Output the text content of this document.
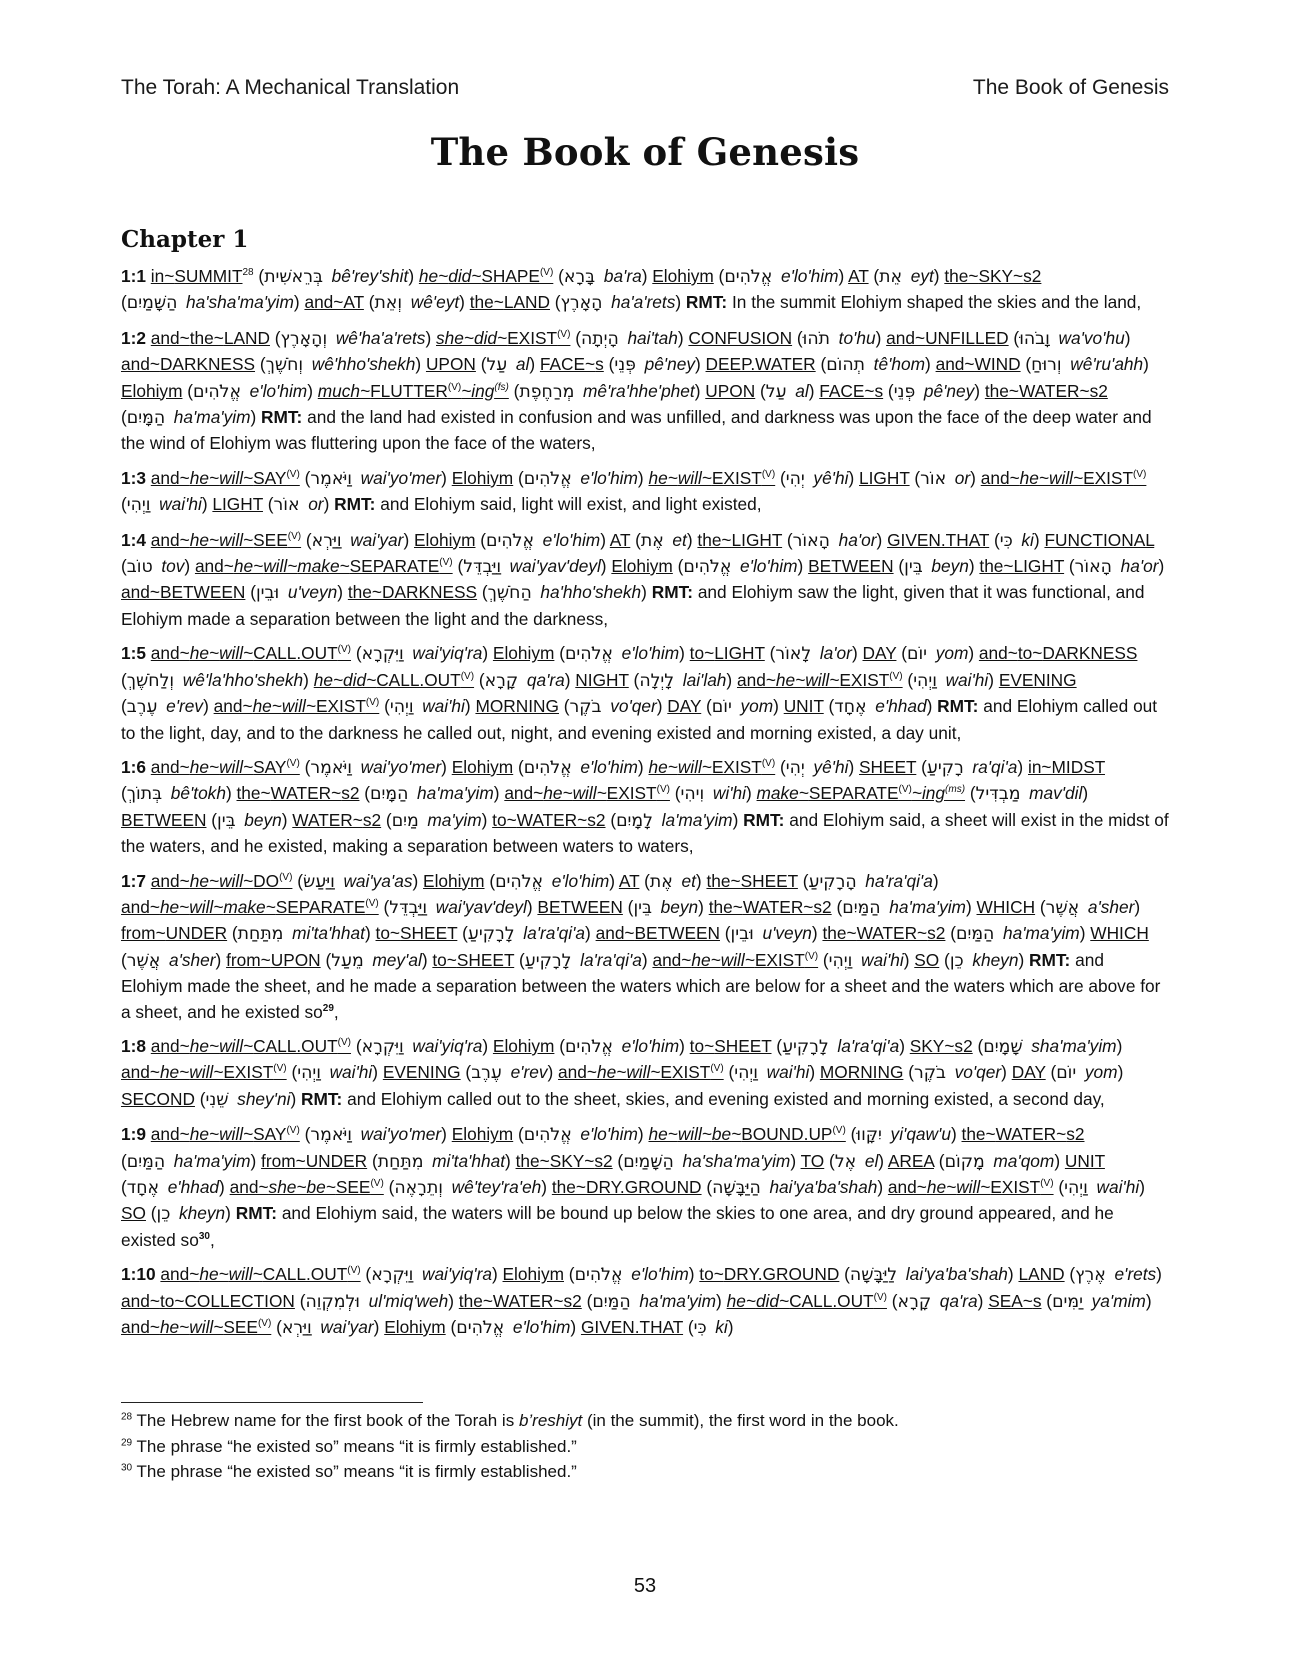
The Torah: A Mechanical Translation	The Book of Genesis
The Book of Genesis
Chapter 1

1:1 in~SUMMIT$^{28}$ (בְּרֵאשִׁית  bê'rey'shit) $he\sim did\sim SHAPE^{(V)}$ (בָּרָא  ba'ra) Elohiym (אֱלֹהִים  e'lo'him) AT (אֵת  eyt) the~SKY~s2 (הַשָּׁמַיִם  ha'sha'ma'yim) and~AT (וְאֵת  wê'eyt) the~LAND (הָאָרֶץ  ha'a'rets) RMT: In the summit Elohiym shaped the skies and the land,

1:2 and~the~LAND (וְהָאָרֶץ  wê'ha'a'rets) $she\sim did\sim EXIST^{(V)}$ (הָיְתָה  hai'tah) CONFUSION (תֹהוּ  to'hu) and~UNFILLED (וָבֹהוּ  wa'vo'hu) and~DARKNESS (וְחֹשֶׁךְ  wê'hho'shekh) UPON (עַל  al) FACE~s (פְּנֵי  pê'ney) DEEP.WATER (תְהוֹם  tê'hom) and~WIND (וְרוּחַ  wê'ru'ahh) Elohiym (אֱלֹהִים  e'lo'him) $much\sim FLUTTER^{(V)}\sim ing^{(fs)}$ (מְרַחֶפֶת  mê'ra'hhe'phet) UPON (עַל  al) FACE~s (פְּנֵי  pê'ney) the~WATER~s2 (הַמָּיִם  ha'ma'yim) RMT: and the land had existed in confusion and was unfilled, and darkness was upon the face of the deep water and the wind of Elohiym was fluttering upon the face of the waters,

1:3 $and\sim he\sim will\sim SAY^{(V)}$ (וַיֹּאמֶר  wai'yo'mer) Elohiym (אֱלֹהִים  e'lo'him) $he\sim will\sim EXIST^{(V)}$ (יְהִי  yê'hi) LIGHT (אוֹר  or) $and\sim he\sim will\sim EXIST^{(V)}$ (וַיְהִי  wai'hi) LIGHT (אוֹר  or) RMT: and Elohiym said, light will exist, and light existed,

1:4 $and\sim he\sim will\sim SEE^{(V)}$ (וַיַּרְא  wai'yar) Elohiym (אֱלֹהִים  e'lo'him) AT (אֶת  et) the~LIGHT (הָאוֹר  ha'or) GIVEN.THAT (כִּי  ki) FUNCTIONAL (טוֹב  tov) $and\sim he\sim will\sim make\sim SEPARATE^{(V)}$ (וַיַּבְדֵּל  wai'yav'deyl) Elohiym (אֱלֹהִים  e'lo'him) BETWEEN (בֵּין  beyn) the~LIGHT (הָאוֹר  ha'or) and~BETWEEN (וּבֵין  u'veyn) the~DARKNESS (הַחֹשֶׁךְ  ha'hho'shekh) RMT: and Elohiym saw the light, given that it was functional, and Elohiym made a separation between the light and the darkness,

1:5 $and\sim he\sim will\sim CALL.OUT^{(V)}$ (וַיִּקְרָא  wai'yiq'ra) Elohiym (אֱלֹהִים  e'lo'him) to~LIGHT (לָאוֹר  la'or) DAY (יוֹם  yom) and~to~DARKNESS (וְלַחֹשֶׁךְ  wê'la'hho'shekh) $he\sim did\sim CALL.OUT^{(V)}$ (קָרָא  qa'ra) NIGHT (לָיְלָה  lai'lah) $and\sim he\sim will\sim EXIST^{(V)}$ (וַיְהִי  wai'hi) EVENING (עֶרֶב  e'rev) $and\sim he\sim will\sim EXIST^{(V)}$ (וַיְהִי  wai'hi) MORNING (בֹקֶר  vo'qer) DAY (יוֹם  yom) UNIT (אֶחָד  e'hhad) RMT: and Elohiym called out to the light, day, and to the darkness he called out, night, and evening existed and morning existed, a day unit,

1:6 $and\sim he\sim will\sim SAY^{(V)}$ (וַיֹּאמֶר  wai'yo'mer) Elohiym (אֱלֹהִים  e'lo'him) $he\sim will\sim EXIST^{(V)}$ (יְהִי  yê'hi) SHEET (רָקִיעַ  ra'qi'a) in~MIDST (בְּתוֹךְ  bê'tokh) the~WATER~s2 (הַמָּיִם  ha'ma'yim) $and\sim he\sim will\sim EXIST^{(V)}$ (וִיהִי  wi'hi) $make\sim SEPARATE^{(V)}\sim ing^{(ms)}$ (מַבְדִּיל  mav'dil) BETWEEN (בֵּין  beyn) WATER~s2 (מַיִם  ma'yim) to~WATER~s2 (לָמָיִם  la'ma'yim) RMT: and Elohiym said, a sheet will exist in the midst of the waters, and he existed, making a separation between waters to waters,

1:7 $and\sim he\sim will\sim DO^{(V)}$ (וַיַּעַשׂ  wai'ya'as) Elohiym (אֱלֹהִים  e'lo'him) AT (אֶת  et) the~SHEET (הָרָקִיעַ  ha'ra'qi'a) $and\sim he\sim will\sim make\sim SEPARATE^{(V)}$ (וַיַּבְדֵּל  wai'yav'deyl) BETWEEN (בֵּין  beyn) the~WATER~s2 (הַמַּיִם  ha'ma'yim) WHICH (אֲשֶׁר  a'sher) from~UNDER (מִתַּחַת  mi'ta'hhat) to~SHEET (לָרָקִיעַ  la'ra'qi'a) and~BETWEEN (וּבֵין  u'veyn) the~WATER~s2 (הַמַּיִם  ha'ma'yim) WHICH (אֲשֶׁר  a'sher) from~UPON (מֵעַל  mey'al) to~SHEET (לָרָקִיעַ  la'ra'qi'a) $and\sim he\sim will\sim EXIST^{(V)}$ (וַיְהִי  wai'hi) SO (כֵן  kheyn) RMT: and Elohiym made the sheet, and he made a separation between the waters which are below for a sheet and the waters which are above for a sheet, and he existed $so^{29}$,

1:8 $and\sim he\sim will\sim CALL.OUT^{(V)}$ (וַיִּקְרָא  wai'yiq'ra) Elohiym (אֱלֹהִים  e'lo'him) to~SHEET (לָרָקִיעַ  la'ra'qi'a) SKY~s2 (שָׁמָיִם  sha'ma'yim) $and\sim he\sim will\sim EXIST^{(V)}$ (וַיְהִי  wai'hi) EVENING (עֶרֶב  e'rev) $and\sim he\sim will\sim EXIST^{(V)}$ (וַיְהִי  wai'hi) MORNING (בֹקֶר  vo'qer) DAY (יוֹם  yom) SECOND (שֵׁנִי  shey'ni) RMT: and Elohiym called out to the sheet, skies, and evening existed and morning existed, a second day,

1:9 $and\sim he\sim will\sim SAY^{(V)}$ (וַיֹּאמֶר  wai'yo'mer) Elohiym (אֱלֹהִים  e'lo'him) $he\sim will\sim be\sim BOUND.UP^{(V)}$ (יִקָּווּ  yi'qaw'u) the~WATER~s2 (הַמַּיִם  ha'ma'yim) from~UNDER (מִתַּחַת  mi'ta'hhat) the~SKY~s2 (הַשָּׁמַיִם  ha'sha'ma'yim) TO (אֶל  el) AREA (מָקוֹם  ma'qom) UNIT (אֶחָד  e'hhad) $and\sim she\sim be\sim SEE^{(V)}$ (וְתֵרָאֶה  wê'tey'ra'eh) the~DRY.GROUND (הַיַּבָּשָׁה  hai'ya'ba'shah) $and\sim he\sim will\sim EXIST^{(V)}$ (וַיְהִי  wai'hi) SO (כֵן  kheyn) RMT: and Elohiym said, the waters will be bound up below the skies to one area, and dry ground appeared, and he existed $so^{30}$,

1:10 $and\sim he\sim will\sim CALL.OUT^{(V)}$ (וַיִּקְרָא  wai'yiq'ra) Elohiym (אֱלֹהִים  e'lo'him) to~DRY.GROUND (לַיַּבָּשָׁה  lai'ya'ba'shah) LAND (אֶרֶץ  e'rets) and~to~COLLECTION (וּלְמִקְוֵה  ul'miq'weh) the~WATER~s2 (הַמַּיִם  ha'ma'yim) $he\sim did\sim CALL.OUT^{(V)}$ (קָרָא  qa'ra) SEA~s (יַמִּים  ya'mim) $and\sim he\sim will\sim SEE^{(V)}$ (וַיַּרְא  wai'yar) Elohiym (אֱלֹהִים  e'lo'him) GIVEN.THAT (כִּי  ki)

$^{28}$ The Hebrew name for the first book of the Torah is b’reshiyt (in the summit), the first word in the book.
$^{29}$ The phrase “he existed so” means “it is firmly established.”
$^{30}$ The phrase “he existed so” means “it is firmly established.”
53
